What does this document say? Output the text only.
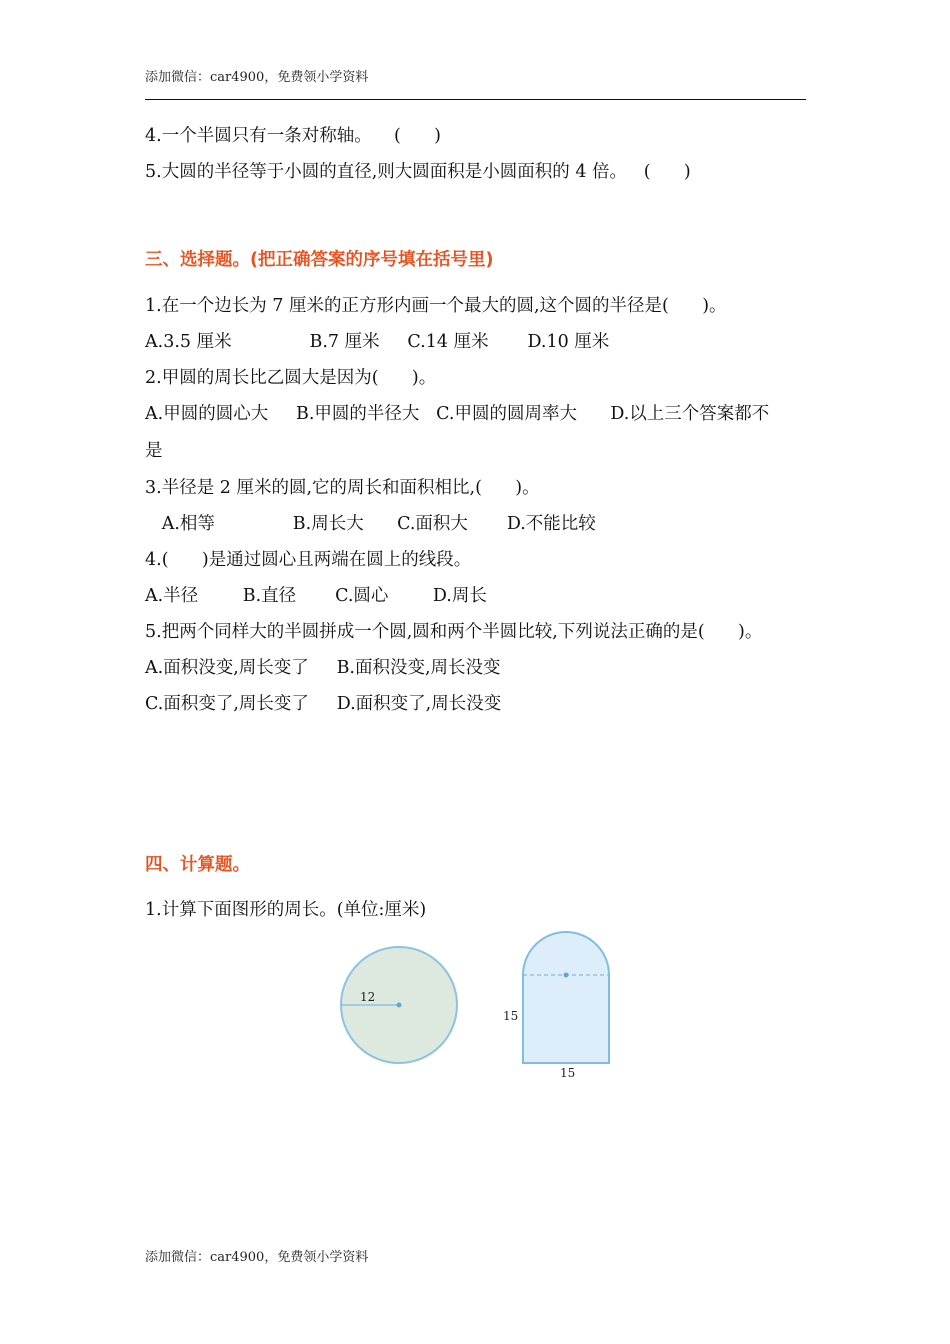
添加微信：car4900，免费领小学资料
4.一个半圆只有一条对称轴。    (      )
5.大圆的半径等于小圆的直径,则大圆面积是小圆面积的 4 倍。   (      )
三、选择题。(把正确答案的序号填在括号里)
1.在一个边长为 7 厘米的正方形内画一个最大的圆,这个圆的半径是(      )。
A.3.5 厘米              B.7 厘米     C.14 厘米       D.10 厘米
2.甲圆的周长比乙圆大是因为(      )。
A.甲圆的圆心大     B.甲圆的半径大   C.甲圆的圆周率大      D.以上三个答案都不
是
3.半径是 2 厘米的圆,它的周长和面积相比,(      )。
A.相等              B.周长大      C.面积大       D.不能比较
4.(      )是通过圆心且两端在圆上的线段。
A.半径        B.直径       C.圆心        D.周长
5.把两个同样大的半圆拼成一个圆,圆和两个半圆比较,下列说法正确的是(      )。
A.面积没变,周长变了     B.面积没变,周长没变
C.面积变了,周长变了     D.面积变了,周长没变
四、计算题。
1.计算下面图形的周长。(单位:厘米)
12
15
15
添加微信：car4900，免费领小学资料
